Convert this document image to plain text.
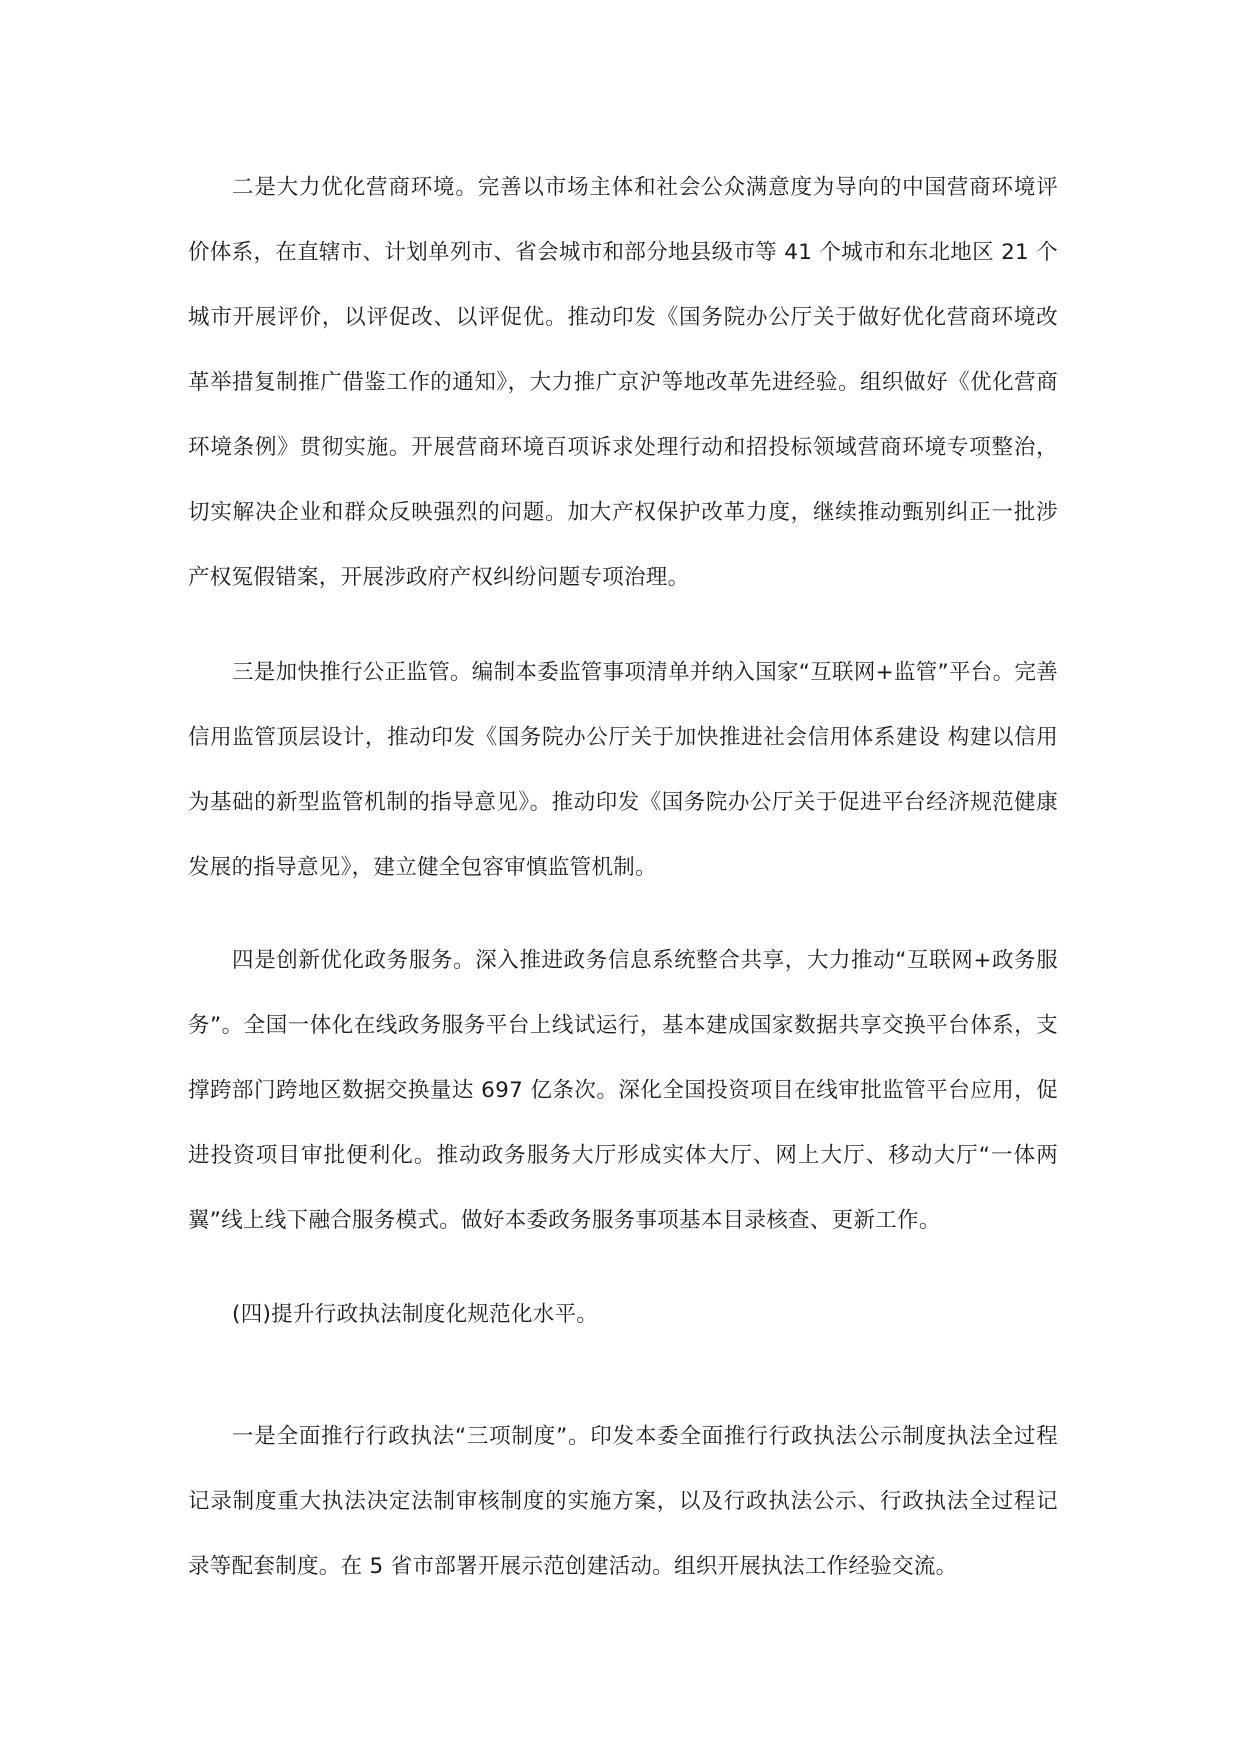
二是大力优化营商环境。完善以市场主体和社会公众满意度为导向的中国营商环境评价体系，在直辖市、计划单列市、省会城市和部分地县级市等 41 个城市和东北地区 21 个城市开展评价，以评促改、以评促优。推动印发《国务院办公厅关于做好优化营商环境改革举措复制推广借鉴工作的通知》，大力推广京沪等地改革先进经验。组织做好《优化营商环境条例》贯彻实施。开展营商环境百项诉求处理行动和招投标领域营商环境专项整治，切实解决企业和群众反映强烈的问题。加大产权保护改革力度，继续推动甄别纠正一批涉产权冤假错案，开展涉政府产权纠纷问题专项治理。

三是加快推行公正监管。编制本委监管事项清单并纳入国家“互联网+监管”平台。完善信用监管顶层设计，推动印发《国务院办公厅关于加快推进社会信用体系建设 构建以信用为基础的新型监管机制的指导意见》。推动印发《国务院办公厅关于促进平台经济规范健康发展的指导意见》，建立健全包容审慎监管机制。

四是创新优化政务服务。深入推进政务信息系统整合共享，大力推动“互联网+政务服务”。全国一体化在线政务服务平台上线试运行，基本建成国家数据共享交换平台体系，支撑跨部门跨地区数据交换量达 697 亿条次。深化全国投资项目在线审批监管平台应用，促进投资项目审批便利化。推动政务服务大厅形成实体大厅、网上大厅、移动大厅“一体两翼”线上线下融合服务模式。做好本委政务服务事项基本目录核查、更新工作。

(四)提升行政执法制度化规范化水平。

一是全面推行行政执法“三项制度”。印发本委全面推行行政执法公示制度执法全过程记录制度重大执法决定法制审核制度的实施方案，以及行政执法公示、行政执法全过程记录等配套制度。在 5 省市部署开展示范创建活动。组织开展执法工作经验交流。
